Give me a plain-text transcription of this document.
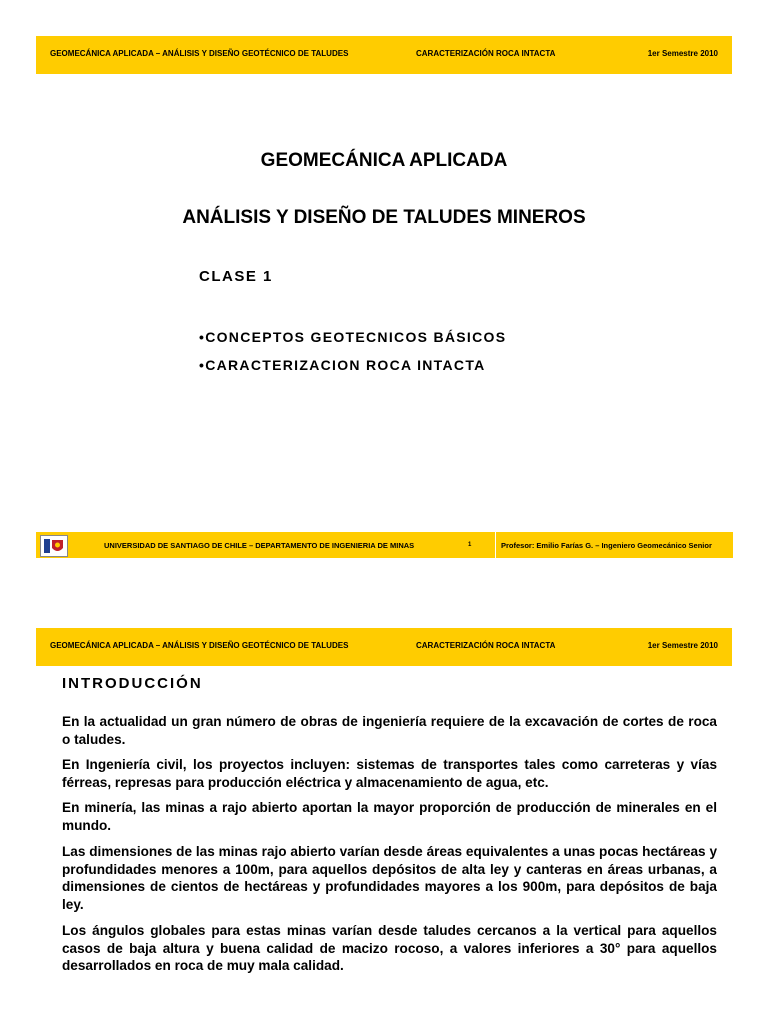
GEOMECÁNICA APLICADA – ANÁLISIS Y DISEÑO GEOTÉCNICO DE TALUDES	CARACTERIZACIÓN ROCA INTACTA	1er Semestre 2010
GEOMECÁNICA APLICADA
ANÁLISIS Y DISEÑO DE TALUDES MINEROS
CLASE 1
•CONCEPTOS GEOTECNICOS BÁSICOS
•CARACTERIZACION ROCA INTACTA
UNIVERSIDAD DE SANTIAGO DE CHILE – DEPARTAMENTO DE INGENIERIA DE MINAS	1	Profesor: Emilio Farías G. – Ingeniero Geomecánico Senior
GEOMECÁNICA APLICADA – ANÁLISIS Y DISEÑO GEOTÉCNICO DE TALUDES	CARACTERIZACIÓN ROCA INTACTA	1er Semestre 2010
INTRODUCCIÓN
En la actualidad un gran número de obras de ingeniería requiere de la excavación de cortes de roca o taludes.
En Ingeniería civil, los proyectos incluyen: sistemas de transportes tales como carreteras y vías férreas, represas para producción eléctrica y almacenamiento de agua, etc.
En minería, las minas a rajo abierto aportan la mayor proporción de producción de minerales en el mundo.
Las dimensiones de las minas rajo abierto varían desde áreas equivalentes a unas pocas hectáreas y profundidades menores a 100m, para aquellos depósitos de alta ley y canteras en áreas urbanas, a dimensiones de cientos de hectáreas y profundidades mayores a los 900m, para depósitos de baja ley.
Los ángulos globales para estas minas varían desde taludes cercanos a la vertical para aquellos casos de baja altura y buena calidad de macizo rocoso, a valores inferiores a 30° para aquellos desarrollados en roca de muy mala calidad.
